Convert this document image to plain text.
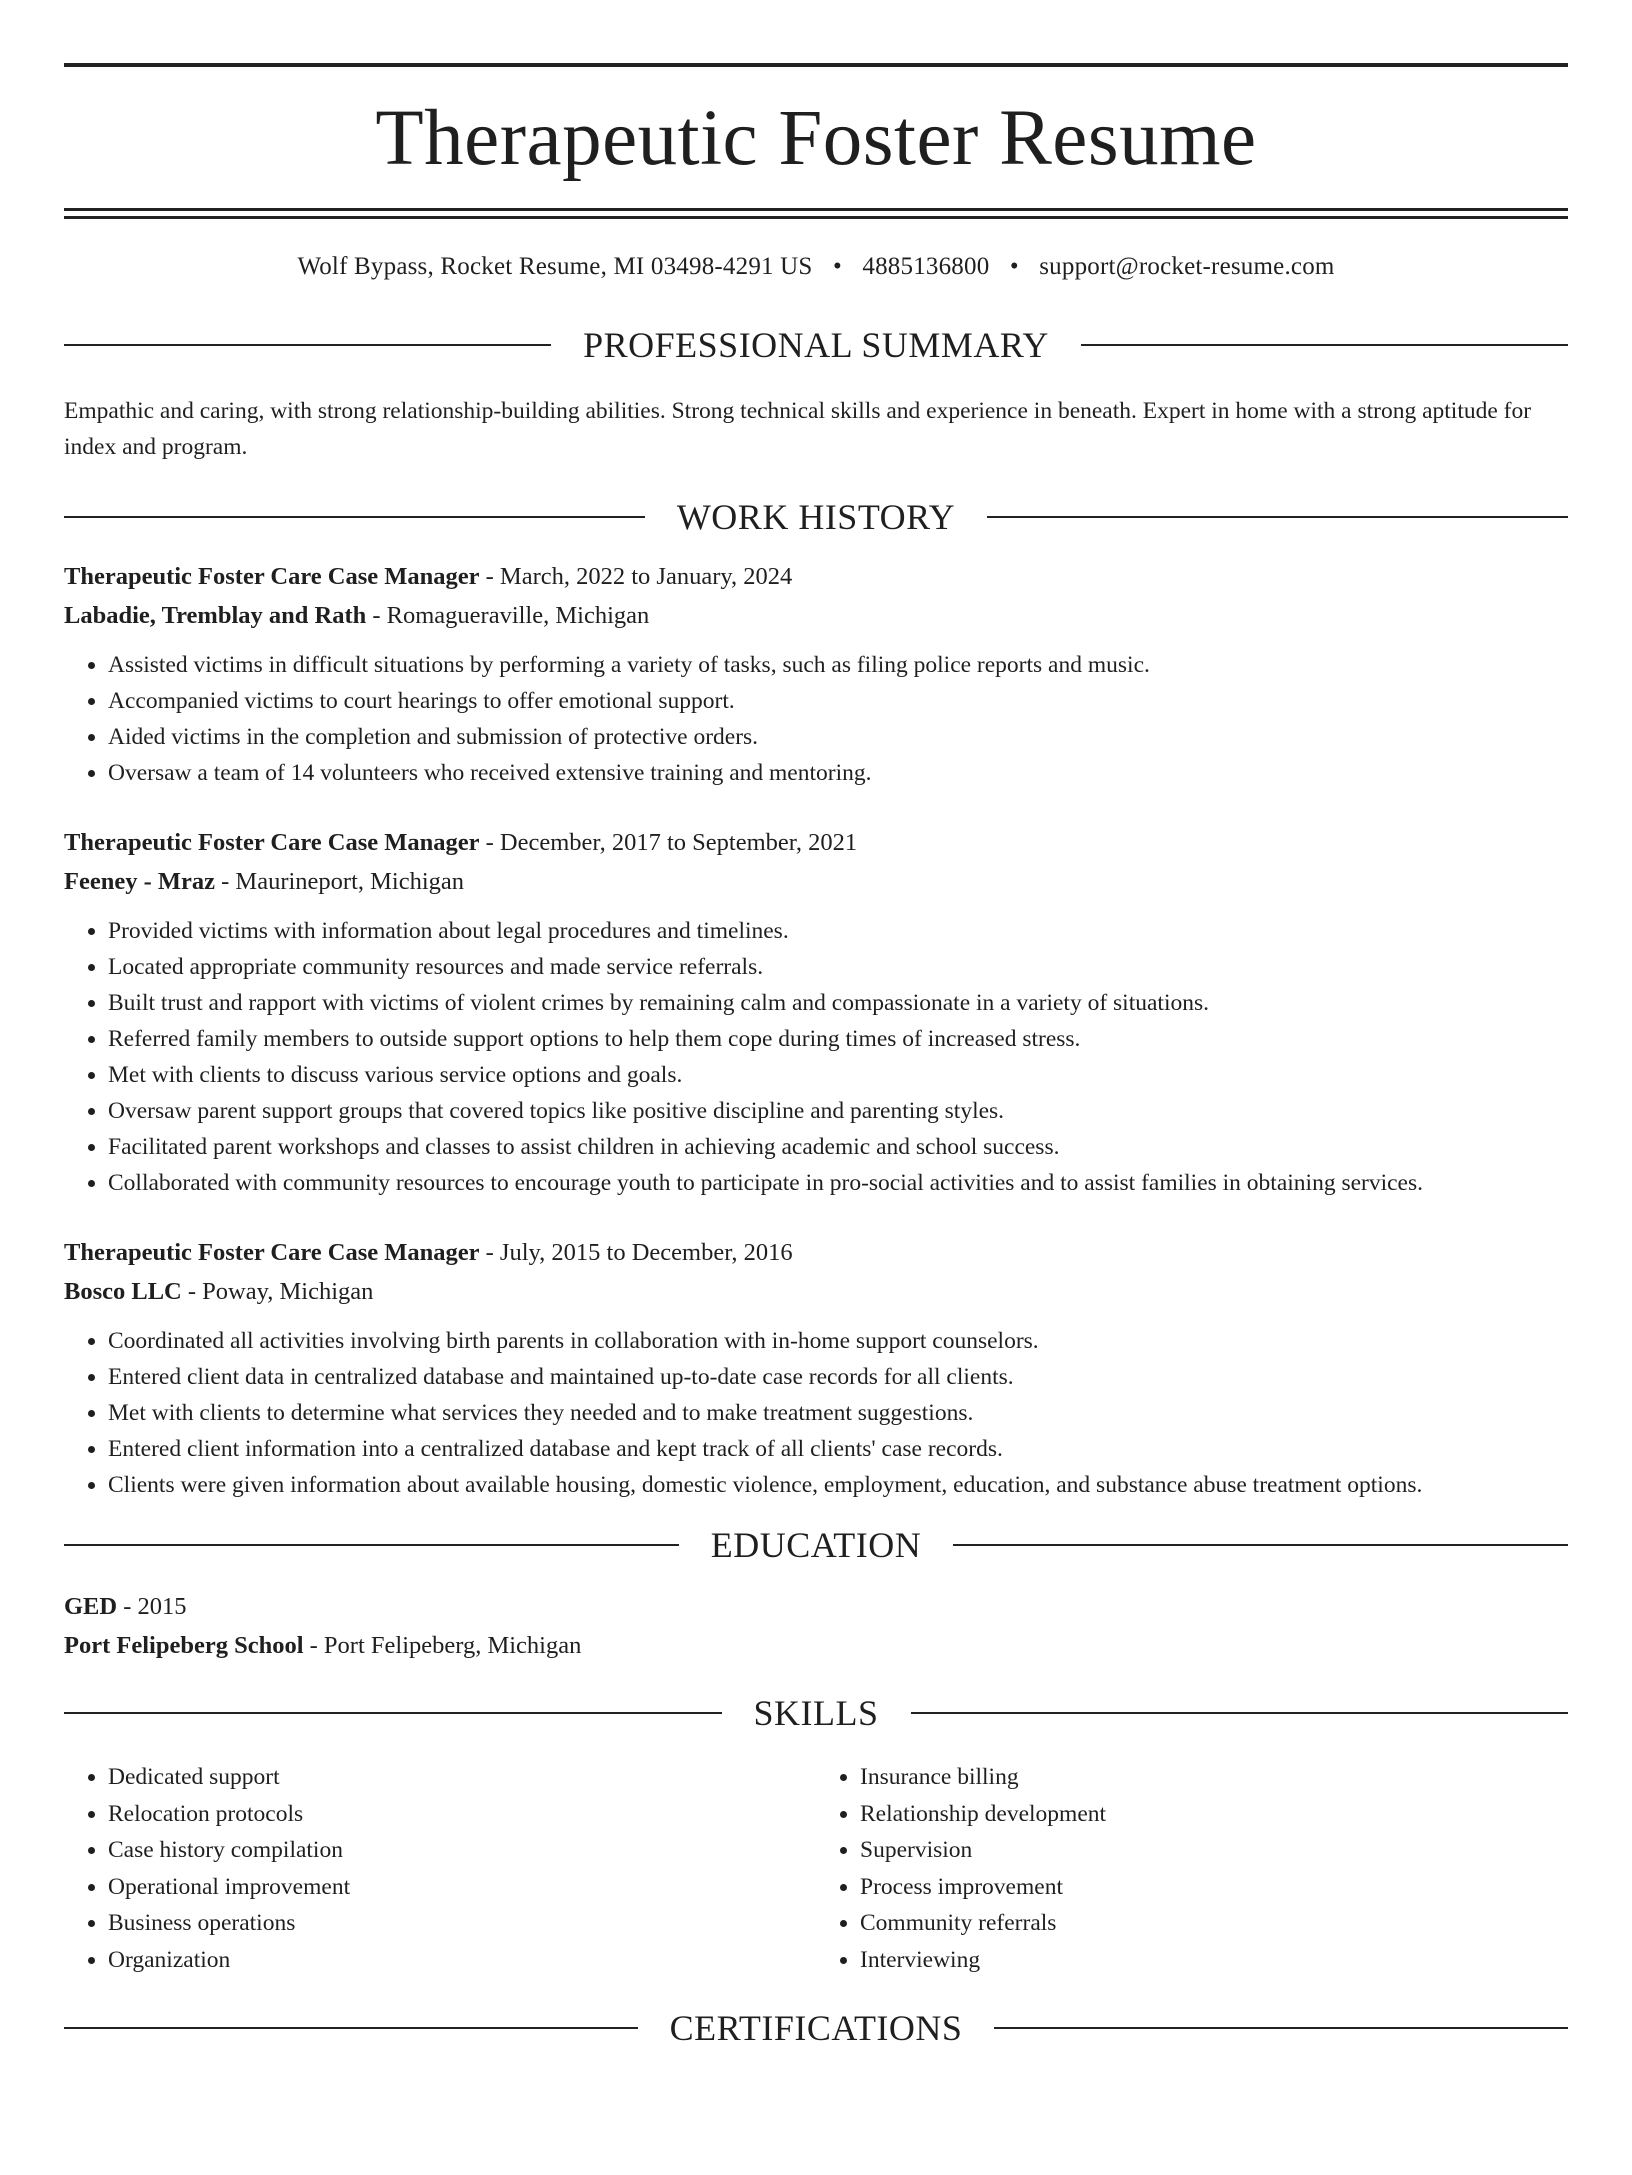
Therapeutic Foster Resume
Wolf Bypass, Rocket Resume, MI 03498-4291 US • 4885136800 • support@rocket-resume.com
PROFESSIONAL SUMMARY
Empathic and caring, with strong relationship-building abilities. Strong technical skills and experience in beneath. Expert in home with a strong aptitude for index and program.
WORK HISTORY
Therapeutic Foster Care Case Manager - March, 2022 to January, 2024
Labadie, Tremblay and Rath - Romagueraville, Michigan
• Assisted victims in difficult situations by performing a variety of tasks, such as filing police reports and music.
• Accompanied victims to court hearings to offer emotional support.
• Aided victims in the completion and submission of protective orders.
• Oversaw a team of 14 volunteers who received extensive training and mentoring.
Therapeutic Foster Care Case Manager - December, 2017 to September, 2021
Feeney - Mraz - Maurineport, Michigan
• Provided victims with information about legal procedures and timelines.
• Located appropriate community resources and made service referrals.
• Built trust and rapport with victims of violent crimes by remaining calm and compassionate in a variety of situations.
• Referred family members to outside support options to help them cope during times of increased stress.
• Met with clients to discuss various service options and goals.
• Oversaw parent support groups that covered topics like positive discipline and parenting styles.
• Facilitated parent workshops and classes to assist children in achieving academic and school success.
• Collaborated with community resources to encourage youth to participate in pro-social activities and to assist families in obtaining services.
Therapeutic Foster Care Case Manager - July, 2015 to December, 2016
Bosco LLC - Poway, Michigan
• Coordinated all activities involving birth parents in collaboration with in-home support counselors.
• Entered client data in centralized database and maintained up-to-date case records for all clients.
• Met with clients to determine what services they needed and to make treatment suggestions.
• Entered client information into a centralized database and kept track of all clients' case records.
• Clients were given information about available housing, domestic violence, employment, education, and substance abuse treatment options.
EDUCATION
GED - 2015
Port Felipeberg School - Port Felipeberg, Michigan
SKILLS
• Dedicated support
• Relocation protocols
• Case history compilation
• Operational improvement
• Business operations
• Organization
• Insurance billing
• Relationship development
• Supervision
• Process improvement
• Community referrals
• Interviewing
CERTIFICATIONS
